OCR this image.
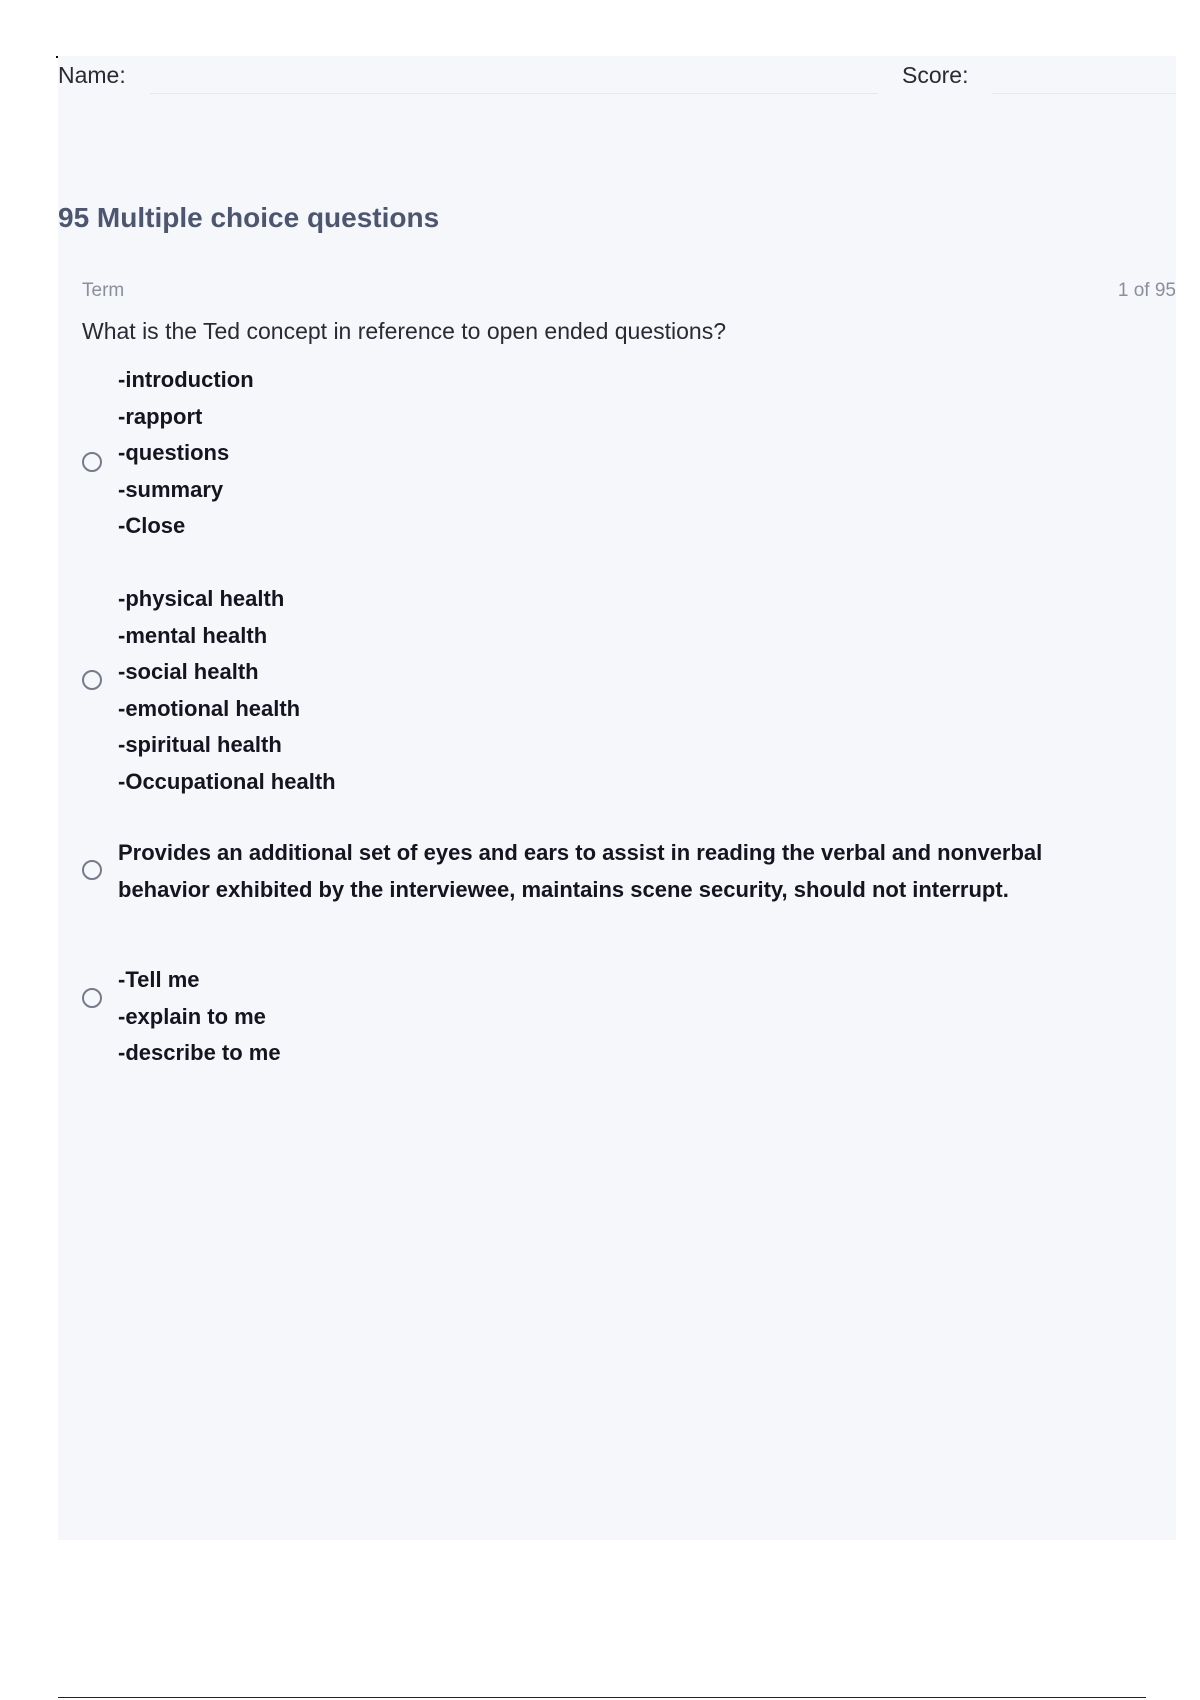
Name:	Score:
95 Multiple choice questions
Term	1 of 95
What is the Ted concept in reference to open ended questions?
-introduction
-rapport
-questions
-summary
-Close
-physical health
-mental health
-social health
-emotional health
-spiritual health
-Occupational health
Provides an additional set of eyes and ears to assist in reading the verbal and nonverbal
behavior exhibited by the interviewee, maintains scene security, should not interrupt.
-Tell me
-explain to me
-describe to me
